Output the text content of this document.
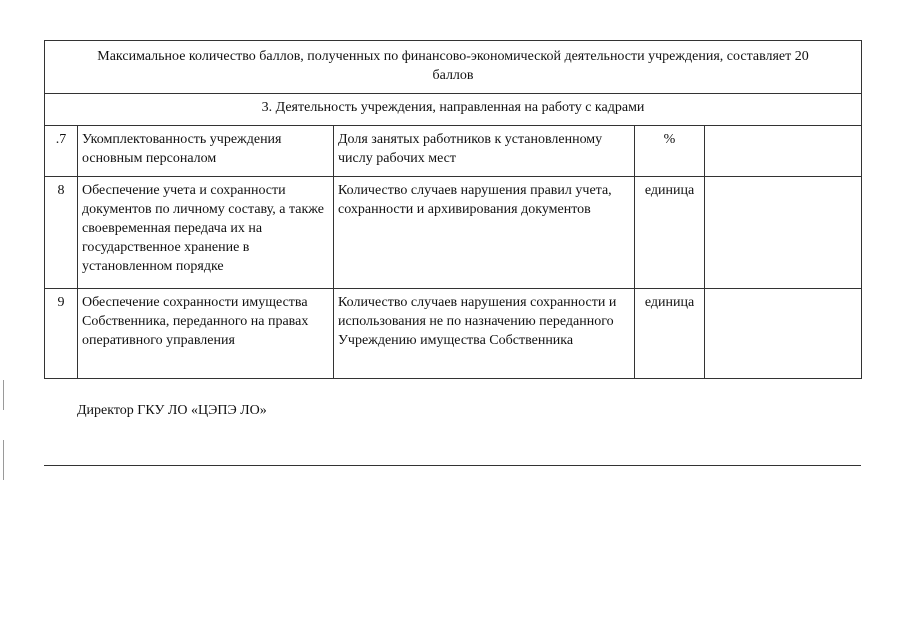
Максимальное количество баллов, полученных по финансово-экономической деятельности учреждения, составляет 20 баллов				

3. Деятельность учреждения, направленная на работу с кадрами				

.7	Укомплектованность учреждения основным персоналом	Доля занятых работников к установленному числу рабочих мест	%	

8	Обеспечение учета и сохранности документов по личному составу, а также своевременная передача их на государственное хранение в установленном порядке	Количество случаев нарушения правил учета, сохранности и архивирования документов	единица	

9	Обеспечение сохранности имущества Собственника, переданного на правах оперативного управления	Количество случаев нарушения сохранности и использования не по назначению переданного Учреждению имущества Собственника	единица	

Директор ГКУ ЛО «ЦЭПЭ ЛО»
